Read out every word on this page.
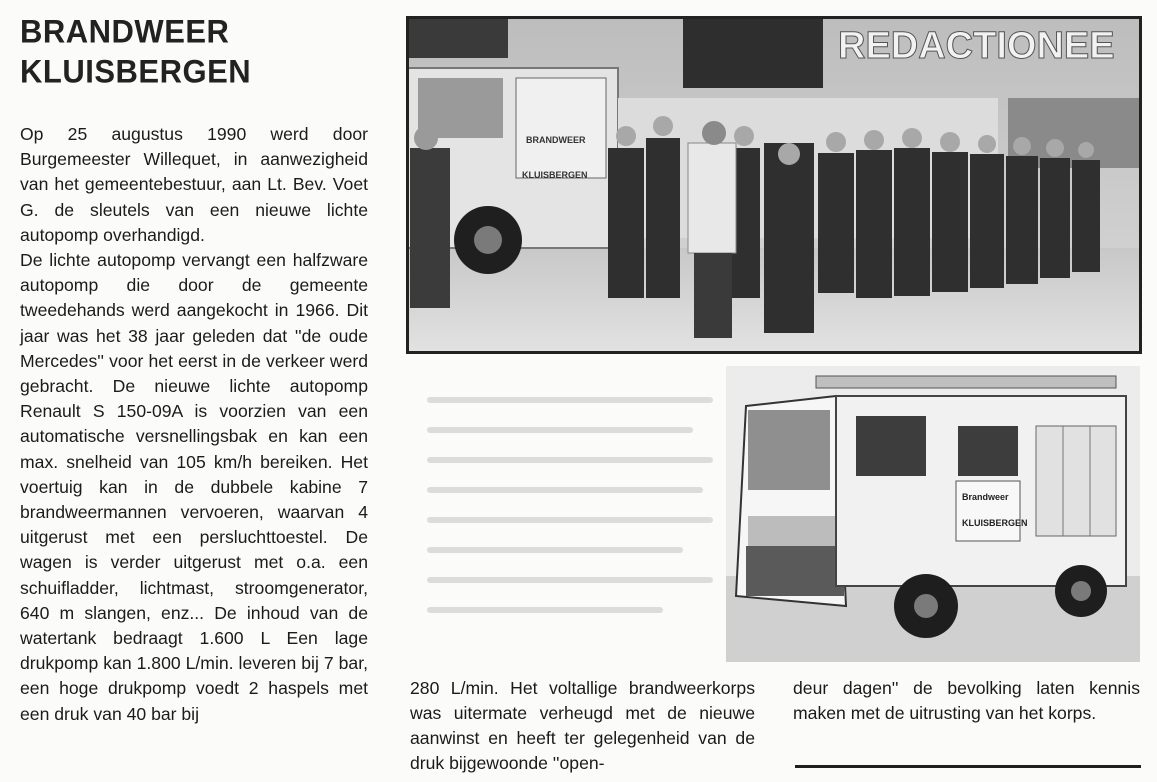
BRANDWEER
KLUISBERGEN

Op 25 augustus 1990 werd door Burgemeester Willequet, in aanwezigheid van het gemeentebestuur, aan Lt. Bev. Voet G. de sleutels van een nieuwe lichte autopomp overhandigd.

De lichte autopomp vervangt een halfzware autopomp die door de gemeente tweedehands werd aangekocht in 1966. Dit jaar was het 38 jaar geleden dat ''de oude Mercedes'' voor het eerst in de verkeer werd gebracht. De nieuwe lichte autopomp Renault S 150-09A is voorzien van een automatische versnellingsbak en kan een max. snelheid van 105 km/h bereiken. Het voertuig kan in de dubbele kabine 7 brandweermannen vervoeren, waarvan 4 uitgerust met een persluchttoestel. De wagen is verder uitgerust met o.a. een schuifladder, lichtmast, stroomgenerator, 640 m slangen, enz... De inhoud van de watertank bedraagt 1.600 L Een lage drukpomp kan 1.800 L/min. leveren bij 7 bar, een hoge drukpomp voedt 2 haspels met een druk van 40 bar bij

REDACTIONEE
BRANDWEER
KLUISBERGEN
Brandweer
KLUISBERGEN
280 L/min. Het voltallige brandweerkorps was uitermate verheugd met de nieuwe aanwinst en heeft ter gelegenheid van de druk bijgewoonde ''open-
deur dagen'' de bevolking laten kennis maken met de uitrusting van het korps.
